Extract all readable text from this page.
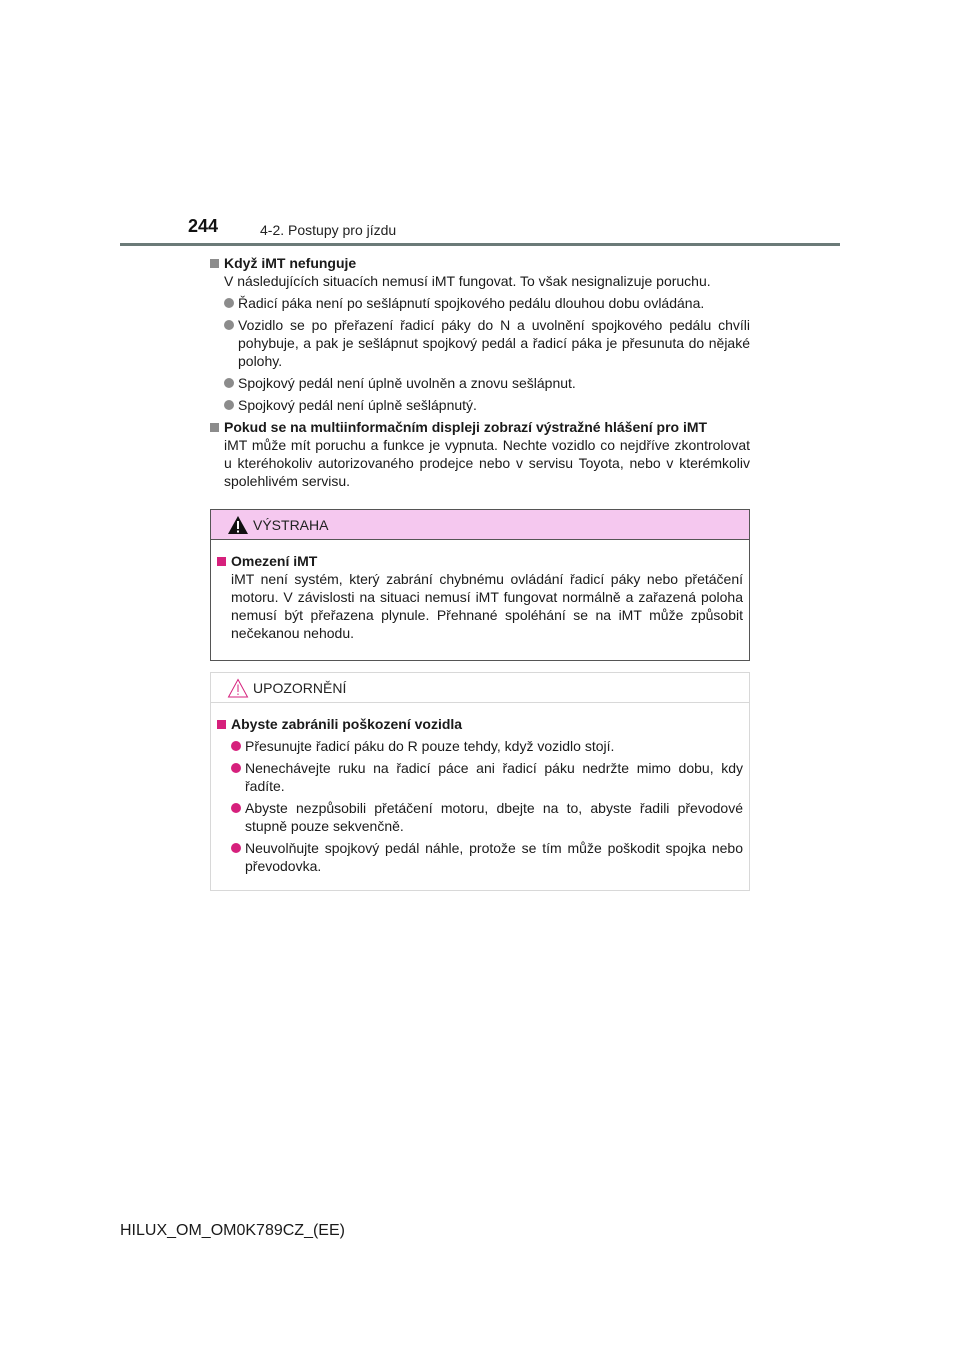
244	4-2. Postupy pro jízdu
Když iMT nefunguje
V následujících situacích nemusí iMT fungovat. To však nesignalizuje poruchu.
Řadicí páka není po sešlápnutí spojkového pedálu dlouhou dobu ovládána.
Vozidlo se po přeřazení řadicí páky do N a uvolnění spojkového pedálu chvíli pohybuje, a pak je sešlápnut spojkový pedál a řadicí páka je přesunuta do nějaké polohy.
Spojkový pedál není úplně uvolněn a znovu sešlápnut.
Spojkový pedál není úplně sešlápnutý.
Pokud se na multiinformačním displeji zobrazí výstražné hlášení pro iMT
iMT může mít poruchu a funkce je vypnuta. Nechte vozidlo co nejdříve zkontrolovat u kteréhokoliv autorizovaného prodejce nebo v servisu Toyota, nebo v kterémkoliv spolehlivém servisu.
VÝSTRAHA
Omezení iMT
iMT není systém, který zabrání chybnému ovládání řadicí páky nebo přetáčení motoru. V závislosti na situaci nemusí iMT fungovat normálně a zařazená poloha nemusí být přeřazena plynule. Přehnané spoléhání se na iMT může způsobit nečekanou nehodu.
UPOZORNĚNÍ
Abyste zabránili poškození vozidla
Přesunujte řadicí páku do R pouze tehdy, když vozidlo stojí.
Nenechávejte ruku na řadicí páce ani řadicí páku nedržte mimo dobu, kdy řadíte.
Abyste nezpůsobili přetáčení motoru, dbejte na to, abyste řadili převodové stupně pouze sekvenčně.
Neuvolňujte spojkový pedál náhle, protože se tím může poškodit spojka nebo převodovka.
HILUX_OM_OM0K789CZ_(EE)
